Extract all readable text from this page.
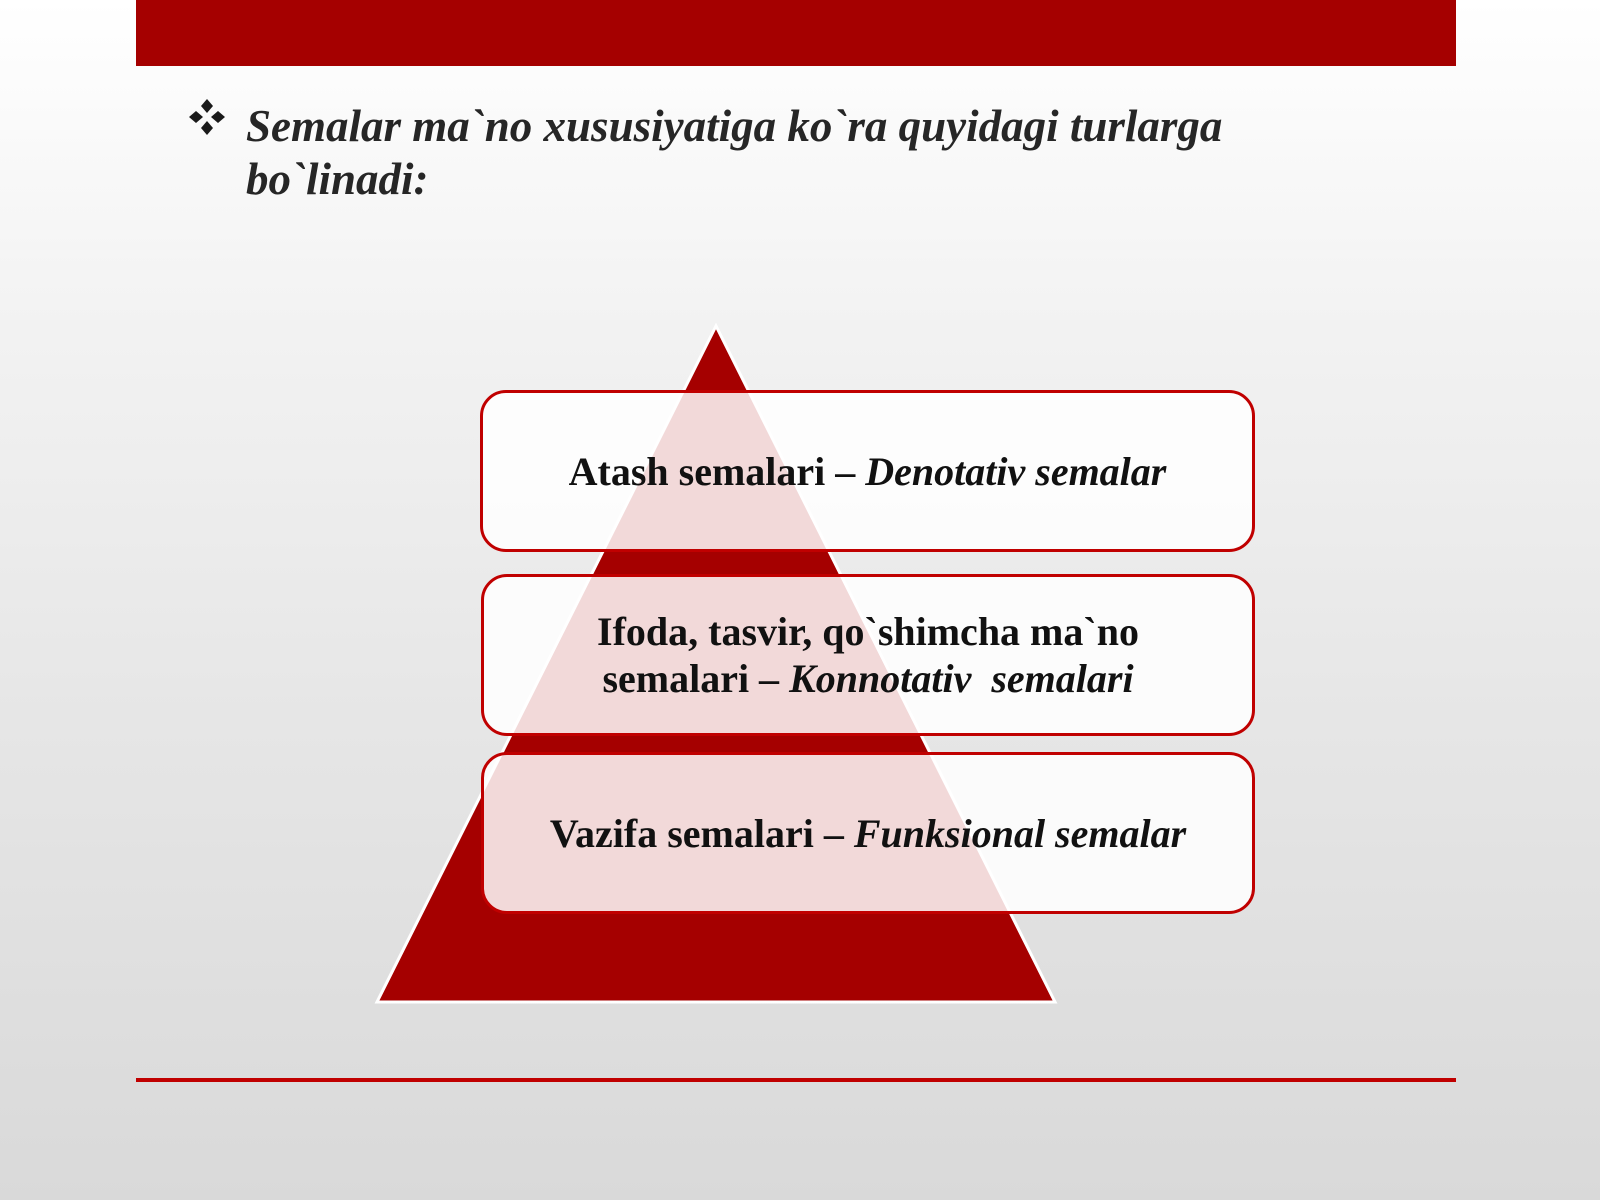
Semalar ma`no xususiyatiga ko`ra quyidagi turlarga bo`linadi:
Atash semalari – Denotativ semalar
Ifoda, tasvir, qo`shimcha ma`no semalari – Konnotativ  semalari
Vazifa semalari – Funksional semalar
